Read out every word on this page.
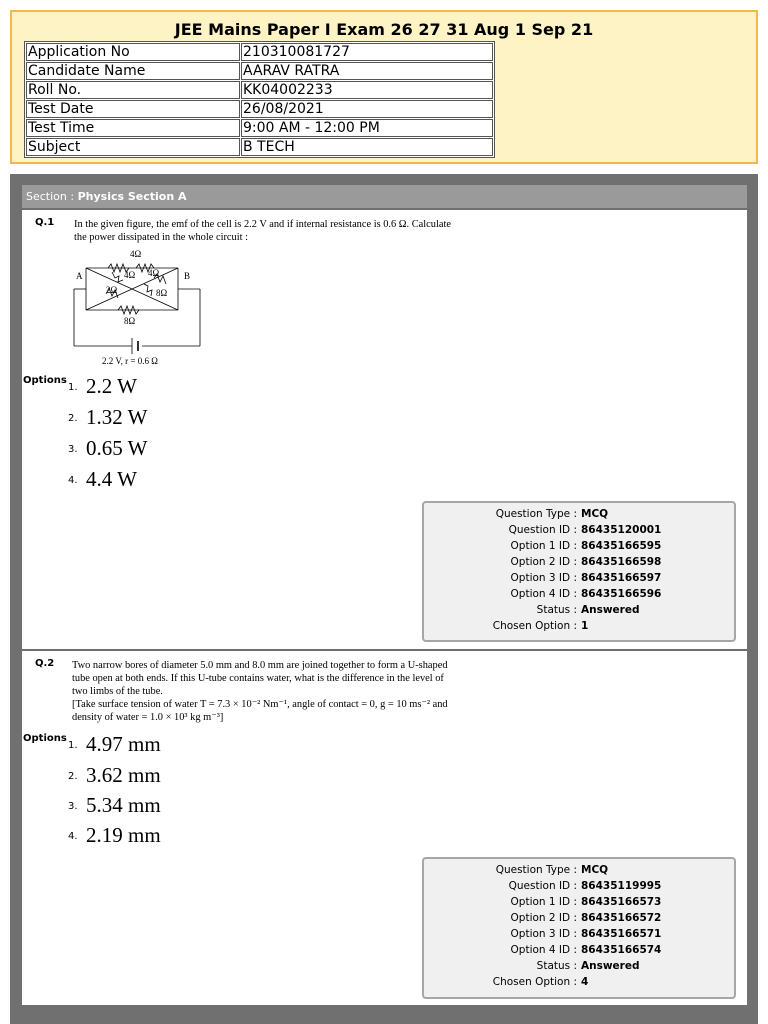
JEE Mains Paper I Exam 26 27 31 Aug 1 Sep 21
Application No	210310081727
Candidate Name	AARAV RATRA
Roll No.	KK04002233
Test Date	26/08/2021
Test Time	9:00 AM - 12:00 PM
Subject	B TECH
Section : Physics Section A
Q.1 In the given figure, the emf of the cell is 2.2 V and if internal resistance is 0.6 Ω. Calculate

the power dissipated in the whole circuit :

4Ω
4Ω 4Ω
2Ω	8Ω
8Ω
A	B
2.2 V, r = 0.6 Ω
Options
1. 2.2 W
2. 1.32 W
3. 0.65 W
4. 4.4 W
Question Type : MCQ
Question ID : 86435120001
Option 1 ID : 86435166595
Option 2 ID : 86435166598
Option 3 ID : 86435166597
Option 4 ID : 86435166596
Status : Answered
Chosen Option : 1
Q.2 Two narrow bores of diameter 5.0 mm and 8.0 mm are joined together to form a U-shaped

tube open at both ends. If this U-tube contains water, what is the difference in the level of

two limbs of the tube.

[Take surface tension of water T = 7.3 × 10⁻² Nm⁻¹, angle of contact = 0, g = 10 ms⁻² and

density of water = 1.0 × 10³ kg m⁻³]

Options
1. 4.97 mm
2. 3.62 mm
3. 5.34 mm
4. 2.19 mm
Question Type : MCQ
Question ID : 86435119995
Option 1 ID : 86435166573
Option 2 ID : 86435166572
Option 3 ID : 86435166571
Option 4 ID : 86435166574
Status : Answered
Chosen Option : 4
